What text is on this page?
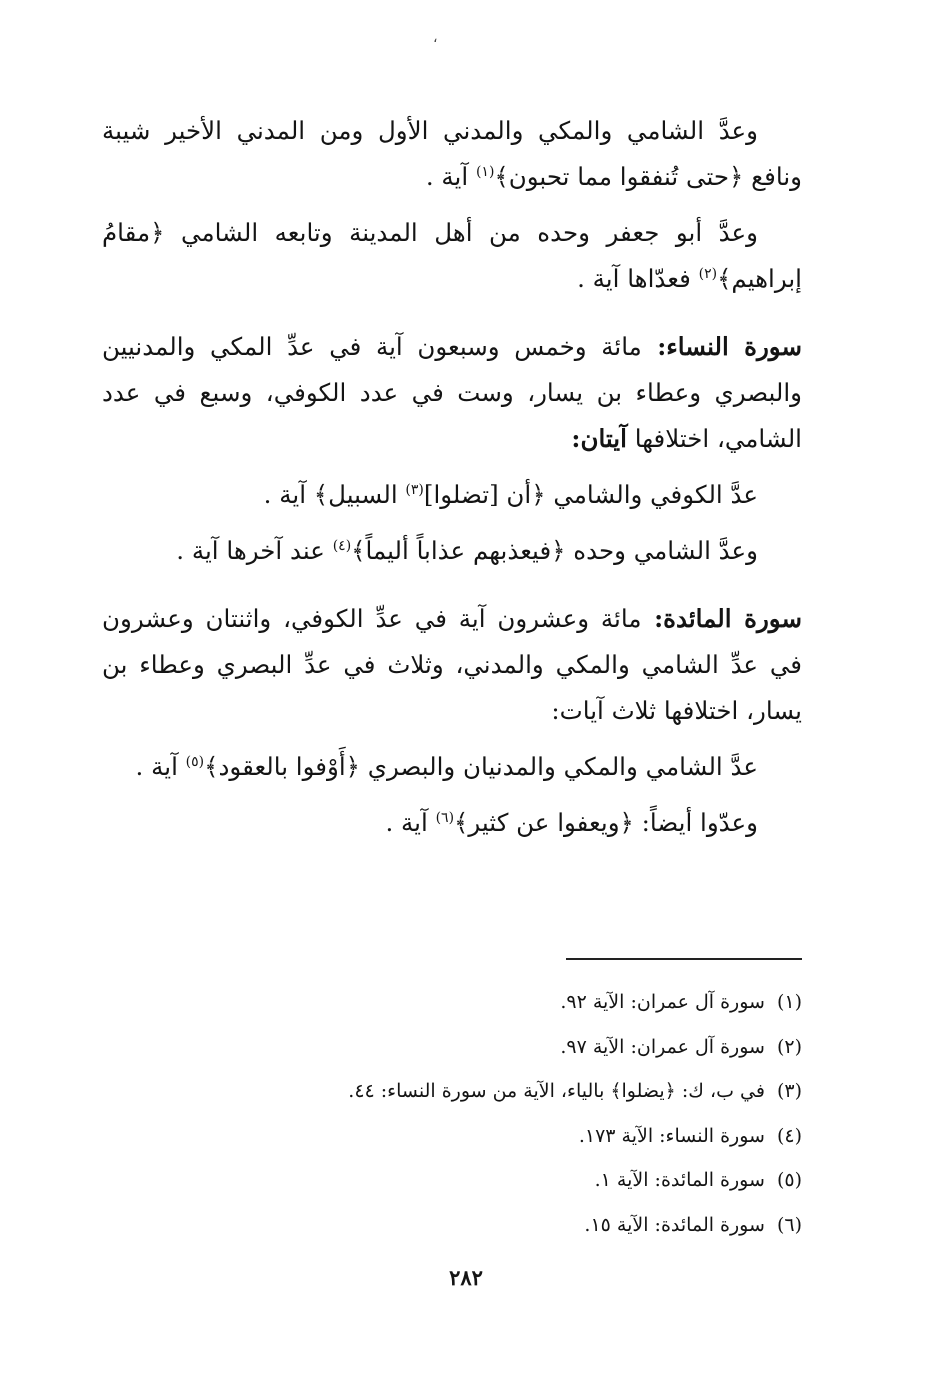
،

وعدَّ الشامي والمكي والمدني الأول ومن المدني الأخير شيبة ونافع ﴿حتى تُنفقوا مما تحبون﴾$^{(١)}$ آية .

وعدَّ أبو جعفر وحده من أهل المدينة وتابعه الشامي ﴿مقامُ إبراهيم﴾$^{(٢)}$ فعدّاها آية .

سورة النساء: مائة وخمس وسبعون آية في عدِّ المكي والمدنيين والبصري وعطاء بن يسار، وست في عدد الكوفي، وسبع في عدد الشامي، اختلافها آيتان:

عدَّ الكوفي والشامي ﴿أن [تضلوا]$^{(٣)}$ السبيل﴾ آية .

وعدَّ الشامي وحده ﴿فيعذبهم عذاباً أليماً﴾$^{(٤)}$ عند آخرها آية .

سورة المائدة: مائة وعشرون آية في عدِّ الكوفي، واثنتان وعشرون في عدِّ الشامي والمكي والمدني، وثلاث في عدِّ البصري وعطاء بن يسار، اختلافها ثلاث آيات:

عدَّ الشامي والمكي والمدنيان والبصري ﴿أَوْفوا بالعقود﴾$^{(٥)}$ آية .

وعدّوا أيضاً: ﴿ويعفوا عن كثير﴾$^{(٦)}$ آية .

(١)سورة آل عمران: الآية ٩٢.

(٢)سورة آل عمران: الآية ٩٧.

(٣)في ب، ك: ﴿يضلوا﴾ بالياء، الآية من سورة النساء: ٤٤.

(٤)سورة النساء: الآية ١٧٣.

(٥)سورة المائدة: الآية ١.

(٦)سورة المائدة: الآية ١٥.

٢٨٢
